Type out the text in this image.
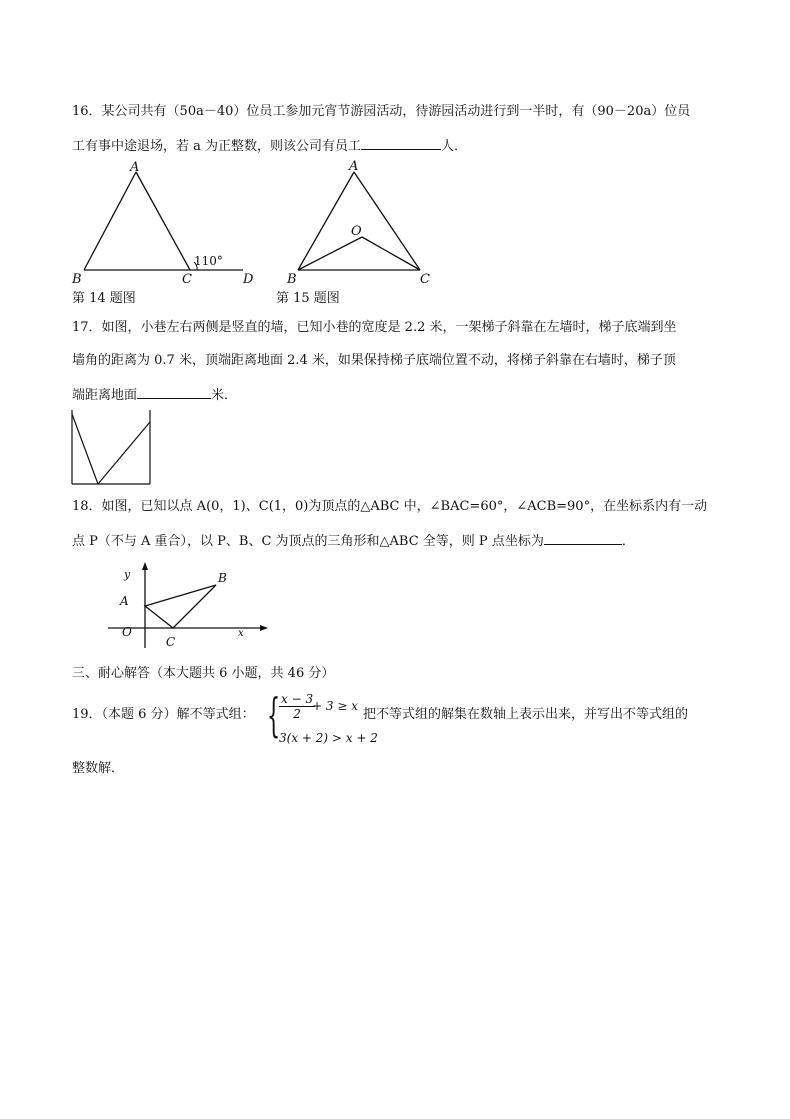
16．某公司共有（50a－40）位员工参加元宵节游园活动，待游园活动进行到一半时，有（90－20a）位员
工有事中途退场，若 a 为正整数，则该公司有员工	人．
A
B	C	D
110°
第 14 题图
A
O
B	C
第 15 题图
17．如图，小巷左右两侧是竖直的墙，已知小巷的宽度是 2.2 米，一架梯子斜靠在左墙时，梯子底端到坐
墙角的距离为 0.7 米，顶端距离地面 2.4 米，如果保持梯子底端位置不动，将梯子斜靠在右墙时，梯子顶
端距离地面	米．
18．如图，已知以点 A(0，1)、C(1，0)为顶点的△ABC 中，∠BAC=60°，∠ACB=90°，在坐标系内有一动
点 P（不与 A 重合），以 P、B、C 为顶点的三角形和△ABC 全等，则 P 点坐标为	．
y
A
B
O
C
x
三、耐心解答（本大题共 6 小题，共 46 分）
19．（本题 6 分）解不等式组： {
$\frac{x - 3}{2}$
+ 3 ≥ x
3(x + 2) > x + 2
把不等式组的解集在数轴上表示出来，并写出不等式组的
整数解．
